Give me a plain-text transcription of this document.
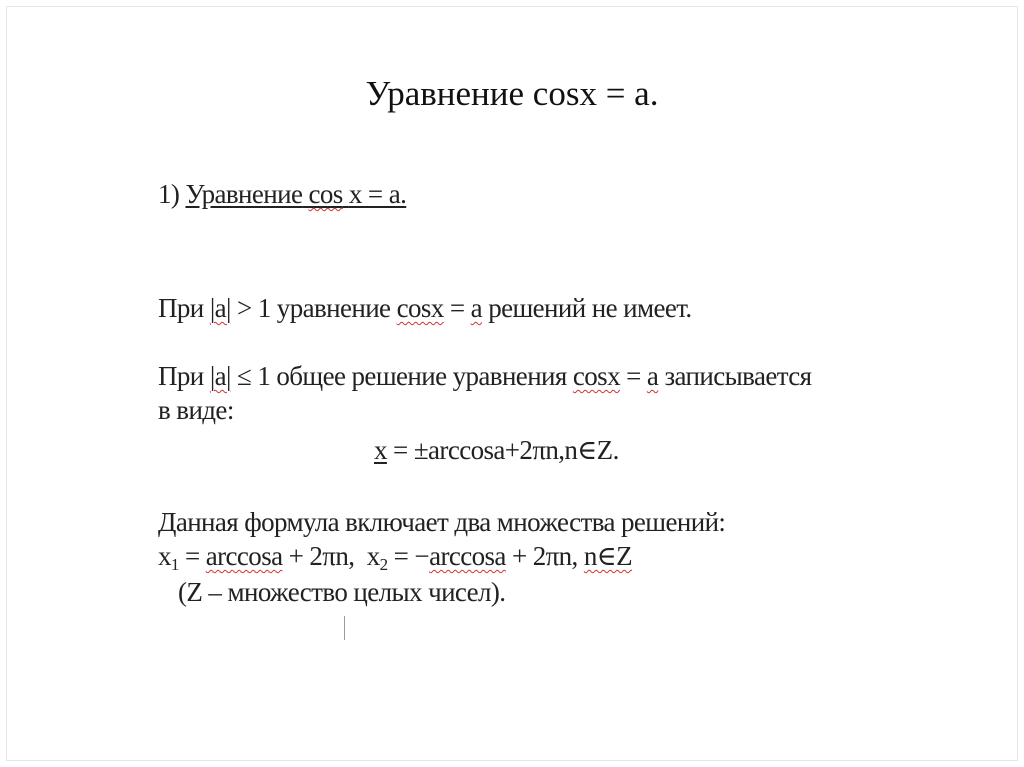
Уравнение cosx = a.
1) Уравнение cos x = a.
При |a| > 1 уравнение cosx = a решений не имеет.
При |a| ≤ 1 общее решение уравнения cosx = a записывается
в виде:
x = ±arccosa+2πn,n∈Z.
Данная формула включает два множества решений:
x1 = arccosa + 2πn,  x2 = −arccosa + 2πn, n∈Z
(Z – множество целых чисел).
